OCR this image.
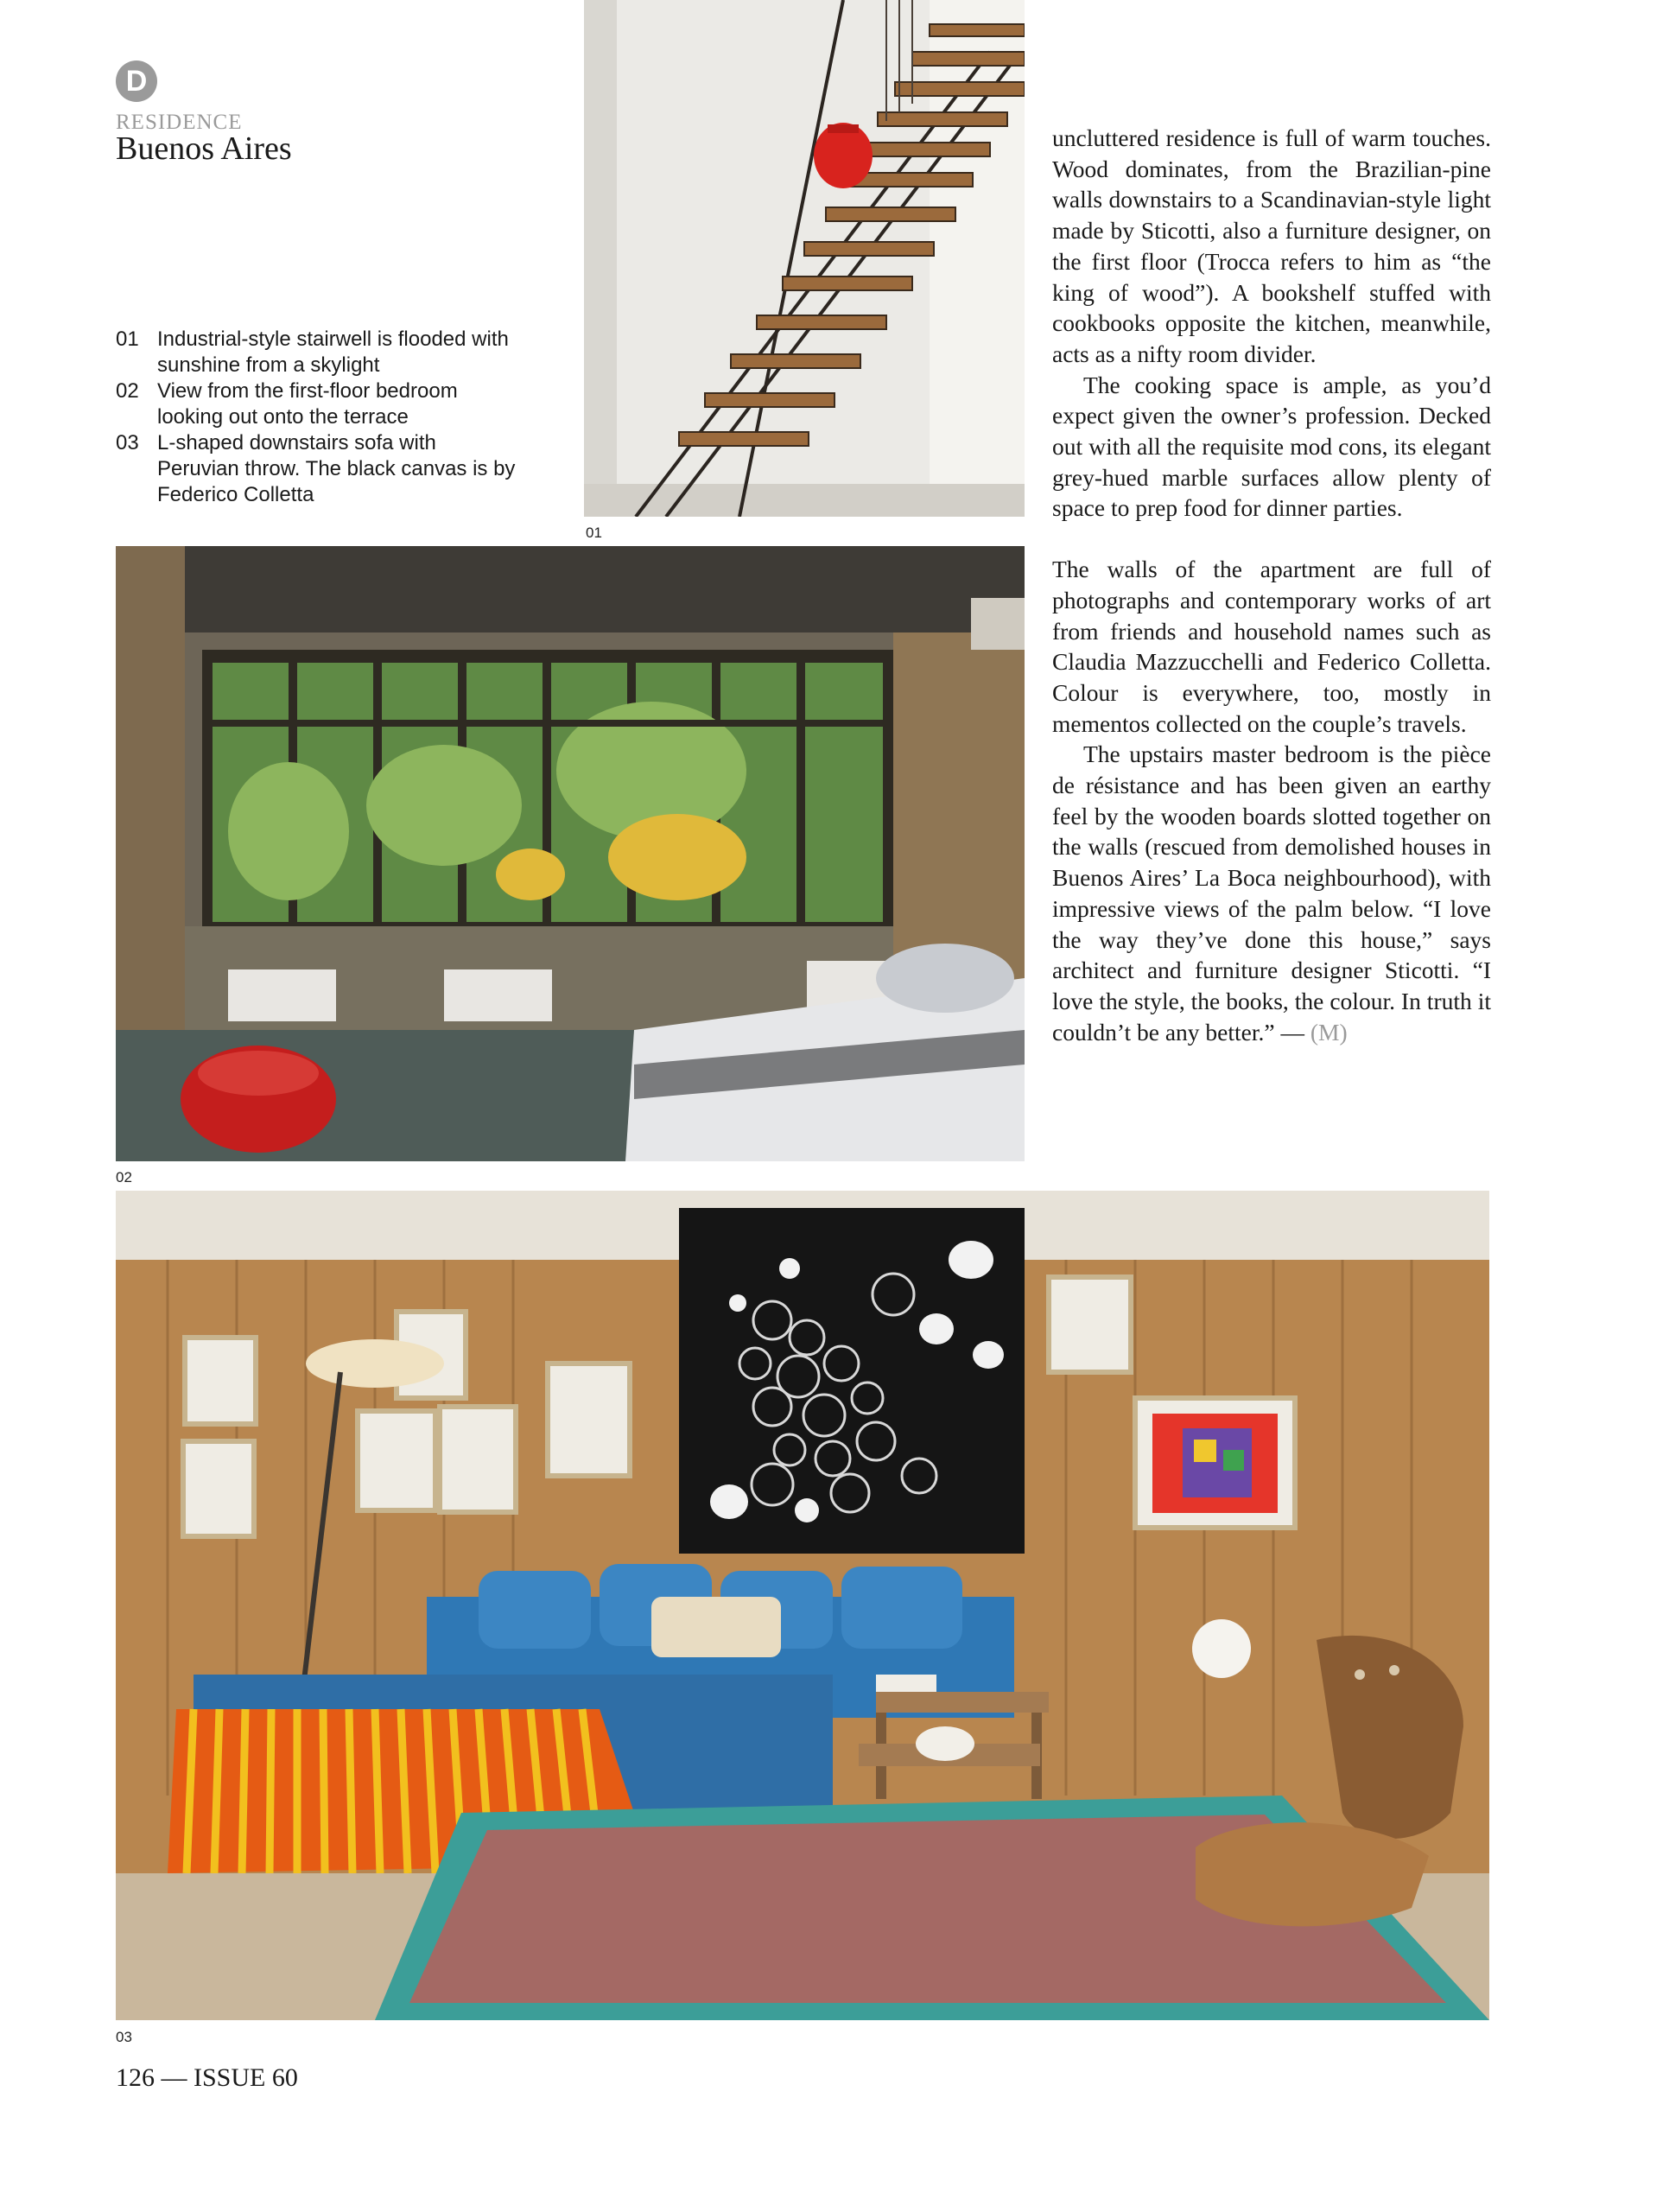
D
RESIDENCE
Buenos Aires
01 Industrial-style stairwell is flooded with sunshine from a skylight
02 View from the first-floor bedroom looking out onto the terrace
03 L-shaped downstairs sofa with Peruvian throw. The black canvas is by Federico Colletta
01
02

uncluttered residence is full of warm touches. Wood dominates, from the Brazilian-pine walls downstairs to a Scandinavian-style light made by Sticotti, also a furniture designer, on the first floor (Trocca refers to him as “the king of wood”). A bookshelf stuffed with cookbooks opposite the kitchen, meanwhile, acts as a nifty room divider.

The cooking space is ample, as you’d expect given the owner’s profession. Decked out with all the requisite mod cons, its elegant grey-hued marble surfaces allow plenty of space to prep food for dinner parties.

The walls of the apartment are full of photographs and contemporary works of art from friends and household names such as Claudia Mazzucchelli and Federico Colletta. Colour is everywhere, too, mostly in mementos collected on the couple’s travels.

The upstairs master bedroom is the pièce de résistance and has been given an earthy feel by the wooden boards slotted together on the walls (rescued from demolished houses in Buenos Aires’ La Boca neighbourhood), with impressive views of the palm below. “I love the way they’ve done this house,” says architect and furniture designer Sticotti. “I love the style, the books, the colour. In truth it couldn’t be any better.” — (M)

03
126 — ISSUE 60
